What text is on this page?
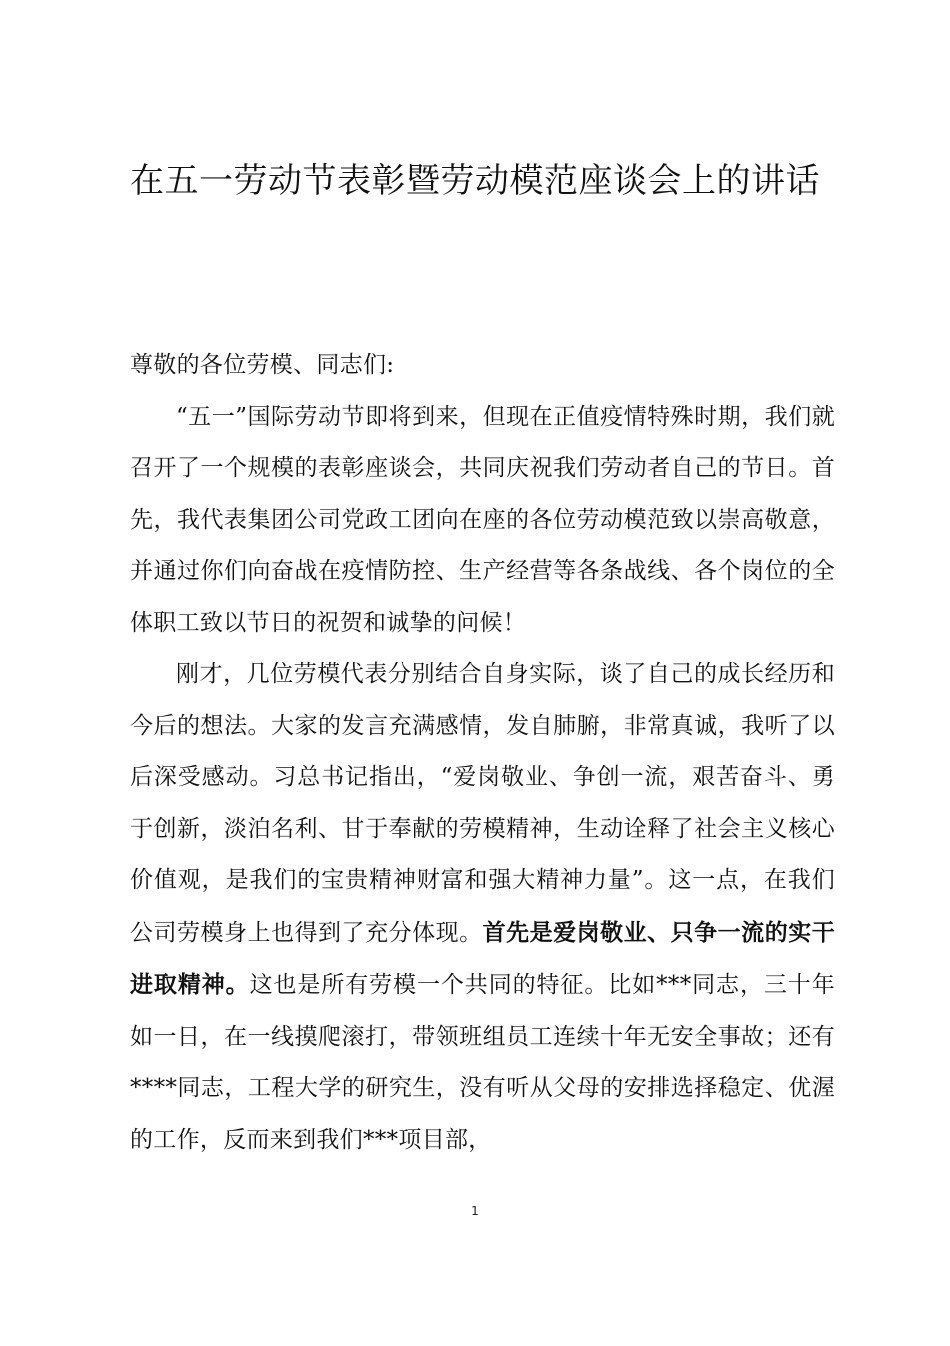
在五一劳动节表彰暨劳动模范座谈会上的讲话

尊敬的各位劳模、同志们:

“五一”国际劳动节即将到来，但现在正值疫情特殊时期，我们就召开了一个规模的表彰座谈会，共同庆祝我们劳动者自己的节日。首先，我代表集团公司党政工团向在座的各位劳动模范致以崇高敬意，并通过你们向奋战在疫情防控、生产经营等各条战线、各个岗位的全体职工致以节日的祝贺和诚挚的问候！

刚才，几位劳模代表分别结合自身实际，谈了自己的成长经历和今后的想法。大家的发言充满感情，发自肺腑，非常真诚，我听了以后深受感动。习总书记指出，“爱岗敬业、争创一流，艰苦奋斗、勇于创新，淡泊名利、甘于奉献的劳模精神，生动诠释了社会主义核心价值观，是我们的宝贵精神财富和强大精神力量”。这一点，在我们公司劳模身上也得到了充分体现。首先是爱岗敬业、只争一流的实干进取精神。这也是所有劳模一个共同的特征。比如***同志，三十年如一日，在一线摸爬滚打，带领班组员工连续十年无安全事故；还有****同志，工程大学的研究生，没有听从父母的安排选择稳定、优渥的工作，反而来到我们***项目部，

1
